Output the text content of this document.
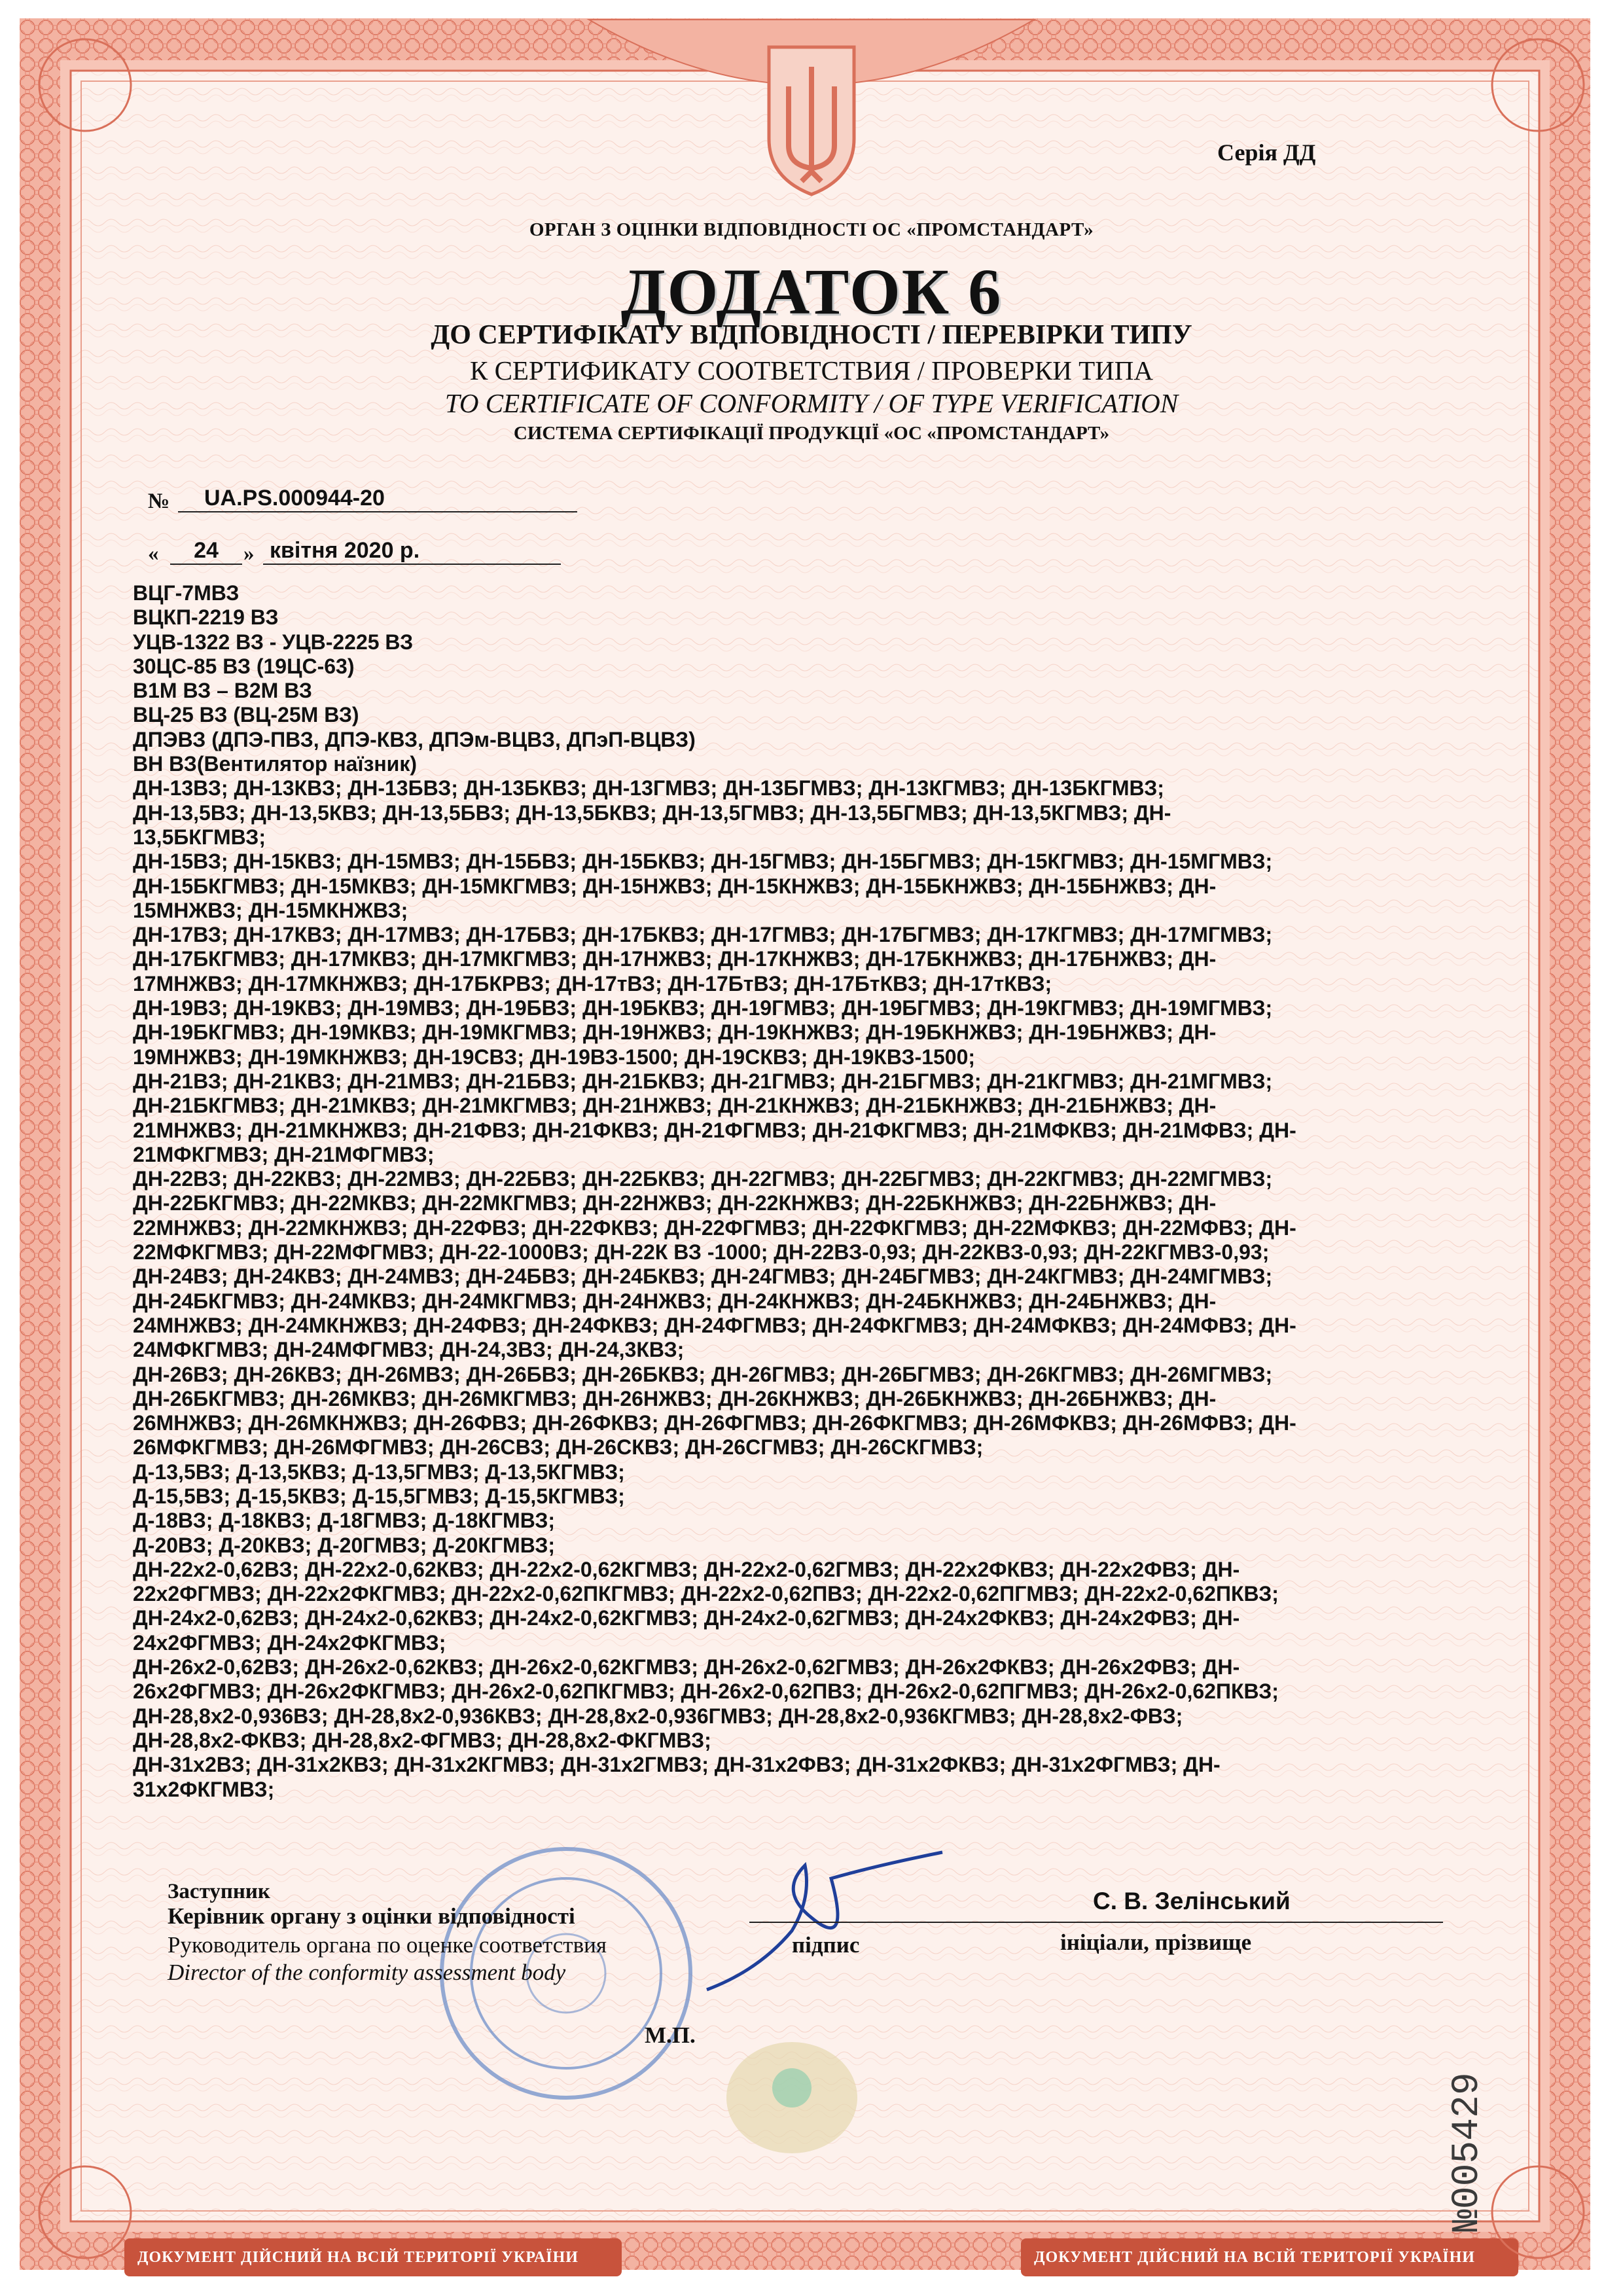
Серія ДД
ОРГАН З ОЦІНКИ ВІДПОВІДНОСТІ ОС «ПРОМСТАНДАРТ»
ДОДАТОК 6
ДО СЕРТИФІКАТУ ВІДПОВІДНОСТІ / ПЕРЕВІРКИ ТИПУ
К СЕРТИФИКАТУ СООТВЕТСТВИЯ / ПРОВЕРКИ ТИПА
TO CERTIFICATE OF CONFORMITY / OF TYPE VERIFICATION
СИСТЕМА СЕРТИФІКАЦІЇ ПРОДУКЦІЇ «ОС «ПРОМСТАНДАРТ»
№	UA.PS.000944-20
«	24	» квітня 2020 р.
ВЦГ-7МВЗ
ВЦКП-2219 ВЗ
УЦВ-1322 ВЗ - УЦВ-2225 ВЗ
30ЦС-85 ВЗ (19ЦС-63)
В1М ВЗ – В2М ВЗ
ВЦ-25 ВЗ (ВЦ-25М ВЗ)
ДПЭВЗ (ДПЭ-ПВЗ, ДПЭ-КВЗ, ДПЭм-ВЦВЗ, ДПэП-ВЦВЗ)
ВН ВЗ(Вентилятор наїзник)
ДН-13ВЗ; ДН-13КВЗ; ДН-13БВЗ; ДН-13БКВЗ; ДН-13ГМВЗ; ДН-13БГМВЗ; ДН-13КГМВЗ; ДН-13БКГМВЗ;
ДН-13,5ВЗ; ДН-13,5КВЗ; ДН-13,5БВЗ; ДН-13,5БКВЗ; ДН-13,5ГМВЗ; ДН-13,5БГМВЗ; ДН-13,5КГМВЗ; ДН-
13,5БКГМВЗ;
ДН-15ВЗ; ДН-15КВЗ; ДН-15МВЗ; ДН-15БВЗ; ДН-15БКВЗ; ДН-15ГМВЗ; ДН-15БГМВЗ; ДН-15КГМВЗ; ДН-15МГМВЗ;
ДН-15БКГМВЗ; ДН-15МКВЗ; ДН-15МКГМВЗ; ДН-15НЖВЗ; ДН-15КНЖВЗ; ДН-15БКНЖВЗ; ДН-15БНЖВЗ; ДН-
15МНЖВЗ; ДН-15МКНЖВЗ;
ДН-17ВЗ; ДН-17КВЗ; ДН-17МВЗ; ДН-17БВЗ; ДН-17БКВЗ; ДН-17ГМВЗ; ДН-17БГМВЗ; ДН-17КГМВЗ; ДН-17МГМВЗ;
ДН-17БКГМВЗ; ДН-17МКВЗ; ДН-17МКГМВЗ; ДН-17НЖВЗ; ДН-17КНЖВЗ; ДН-17БКНЖВЗ; ДН-17БНЖВЗ; ДН-
17МНЖВЗ; ДН-17МКНЖВЗ; ДН-17БКРВЗ; ДН-17тВЗ; ДН-17БтВЗ; ДН-17БтКВЗ; ДН-17тКВЗ;
ДН-19ВЗ; ДН-19КВЗ; ДН-19МВЗ; ДН-19БВЗ; ДН-19БКВЗ; ДН-19ГМВЗ; ДН-19БГМВЗ; ДН-19КГМВЗ; ДН-19МГМВЗ;
ДН-19БКГМВЗ; ДН-19МКВЗ; ДН-19МКГМВЗ; ДН-19НЖВЗ; ДН-19КНЖВЗ; ДН-19БКНЖВЗ; ДН-19БНЖВЗ; ДН-
19МНЖВЗ; ДН-19МКНЖВЗ; ДН-19СВЗ; ДН-19ВЗ-1500; ДН-19СКВЗ; ДН-19КВЗ-1500;
ДН-21ВЗ; ДН-21КВЗ; ДН-21МВЗ; ДН-21БВЗ; ДН-21БКВЗ; ДН-21ГМВЗ; ДН-21БГМВЗ; ДН-21КГМВЗ; ДН-21МГМВЗ;
ДН-21БКГМВЗ; ДН-21МКВЗ; ДН-21МКГМВЗ; ДН-21НЖВЗ; ДН-21КНЖВЗ; ДН-21БКНЖВЗ; ДН-21БНЖВЗ; ДН-
21МНЖВЗ; ДН-21МКНЖВЗ; ДН-21ФВЗ; ДН-21ФКВЗ; ДН-21ФГМВЗ; ДН-21ФКГМВЗ; ДН-21МФКВЗ; ДН-21МФВЗ; ДН-
21МФКГМВЗ; ДН-21МФГМВЗ;
ДН-22ВЗ; ДН-22КВЗ; ДН-22МВЗ; ДН-22БВЗ; ДН-22БКВЗ; ДН-22ГМВЗ; ДН-22БГМВЗ; ДН-22КГМВЗ; ДН-22МГМВЗ;
ДН-22БКГМВЗ; ДН-22МКВЗ; ДН-22МКГМВЗ; ДН-22НЖВЗ; ДН-22КНЖВЗ; ДН-22БКНЖВЗ; ДН-22БНЖВЗ; ДН-
22МНЖВЗ; ДН-22МКНЖВЗ; ДН-22ФВЗ; ДН-22ФКВЗ; ДН-22ФГМВЗ; ДН-22ФКГМВЗ; ДН-22МФКВЗ; ДН-22МФВЗ; ДН-
22МФКГМВЗ; ДН-22МФГМВЗ; ДН-22-1000ВЗ; ДН-22К ВЗ -1000; ДН-22ВЗ-0,93; ДН-22КВЗ-0,93; ДН-22КГМВЗ-0,93;
ДН-24ВЗ; ДН-24КВЗ; ДН-24МВЗ; ДН-24БВЗ; ДН-24БКВЗ; ДН-24ГМВЗ; ДН-24БГМВЗ; ДН-24КГМВЗ; ДН-24МГМВЗ;
ДН-24БКГМВЗ; ДН-24МКВЗ; ДН-24МКГМВЗ; ДН-24НЖВЗ; ДН-24КНЖВЗ; ДН-24БКНЖВЗ; ДН-24БНЖВЗ; ДН-
24МНЖВЗ; ДН-24МКНЖВЗ; ДН-24ФВЗ; ДН-24ФКВЗ; ДН-24ФГМВЗ; ДН-24ФКГМВЗ; ДН-24МФКВЗ; ДН-24МФВЗ; ДН-
24МФКГМВЗ; ДН-24МФГМВЗ; ДН-24,3ВЗ; ДН-24,3КВЗ;
ДН-26ВЗ; ДН-26КВЗ; ДН-26МВЗ; ДН-26БВЗ; ДН-26БКВЗ; ДН-26ГМВЗ; ДН-26БГМВЗ; ДН-26КГМВЗ; ДН-26МГМВЗ;
ДН-26БКГМВЗ; ДН-26МКВЗ; ДН-26МКГМВЗ; ДН-26НЖВЗ; ДН-26КНЖВЗ; ДН-26БКНЖВЗ; ДН-26БНЖВЗ; ДН-
26МНЖВЗ; ДН-26МКНЖВЗ; ДН-26ФВЗ; ДН-26ФКВЗ; ДН-26ФГМВЗ; ДН-26ФКГМВЗ; ДН-26МФКВЗ; ДН-26МФВЗ; ДН-
26МФКГМВЗ; ДН-26МФГМВЗ; ДН-26СВЗ; ДН-26СКВЗ; ДН-26СГМВЗ; ДН-26СКГМВЗ;
Д-13,5ВЗ; Д-13,5КВЗ; Д-13,5ГМВЗ; Д-13,5КГМВЗ;
Д-15,5ВЗ; Д-15,5КВЗ; Д-15,5ГМВЗ; Д-15,5КГМВЗ;
Д-18ВЗ; Д-18КВЗ; Д-18ГМВЗ; Д-18КГМВЗ;
Д-20ВЗ; Д-20КВЗ; Д-20ГМВЗ; Д-20КГМВЗ;
ДН-22х2-0,62ВЗ; ДН-22х2-0,62КВЗ; ДН-22х2-0,62КГМВЗ; ДН-22х2-0,62ГМВЗ; ДН-22х2ФКВЗ; ДН-22х2ФВЗ; ДН-
22х2ФГМВЗ; ДН-22х2ФКГМВЗ; ДН-22х2-0,62ПКГМВЗ; ДН-22х2-0,62ПВЗ; ДН-22х2-0,62ПГМВЗ; ДН-22х2-0,62ПКВЗ;
ДН-24х2-0,62ВЗ; ДН-24х2-0,62КВЗ; ДН-24х2-0,62КГМВЗ; ДН-24х2-0,62ГМВЗ; ДН-24х2ФКВЗ; ДН-24х2ФВЗ; ДН-
24х2ФГМВЗ; ДН-24х2ФКГМВЗ;
ДН-26х2-0,62ВЗ; ДН-26х2-0,62КВЗ; ДН-26х2-0,62КГМВЗ; ДН-26х2-0,62ГМВЗ; ДН-26х2ФКВЗ; ДН-26х2ФВЗ; ДН-
26х2ФГМВЗ; ДН-26х2ФКГМВЗ; ДН-26х2-0,62ПКГМВЗ; ДН-26х2-0,62ПВЗ; ДН-26х2-0,62ПГМВЗ; ДН-26х2-0,62ПКВЗ;
ДН-28,8х2-0,936ВЗ; ДН-28,8х2-0,936КВЗ; ДН-28,8х2-0,936ГМВЗ; ДН-28,8х2-0,936КГМВЗ; ДН-28,8х2-ФВЗ;
ДН-28,8х2-ФКВЗ; ДН-28,8х2-ФГМВЗ; ДН-28,8х2-ФКГМВЗ;
ДН-31х2ВЗ; ДН-31х2КВЗ; ДН-31х2КГМВЗ; ДН-31х2ГМВЗ; ДН-31х2ФВЗ; ДН-31х2ФКВЗ; ДН-31х2ФГМВЗ; ДН-
31х2ФКГМВЗ;
Заступник
Керівник органу з оцінки відповідності
Руководитель органа по оценке соответствия
Director of the conformity assessment body
підпис
С. В. Зелінський
ініціали, прізвище
М.П.
№005429
ДОКУМЕНТ ДІЙСНИЙ НА ВСІЙ ТЕРИТОРІЇ УКРАЇНИ	ДОКУМЕНТ ДІЙСНИЙ НА ВСІЙ ТЕРИТОРІЇ УКРАЇНИ
